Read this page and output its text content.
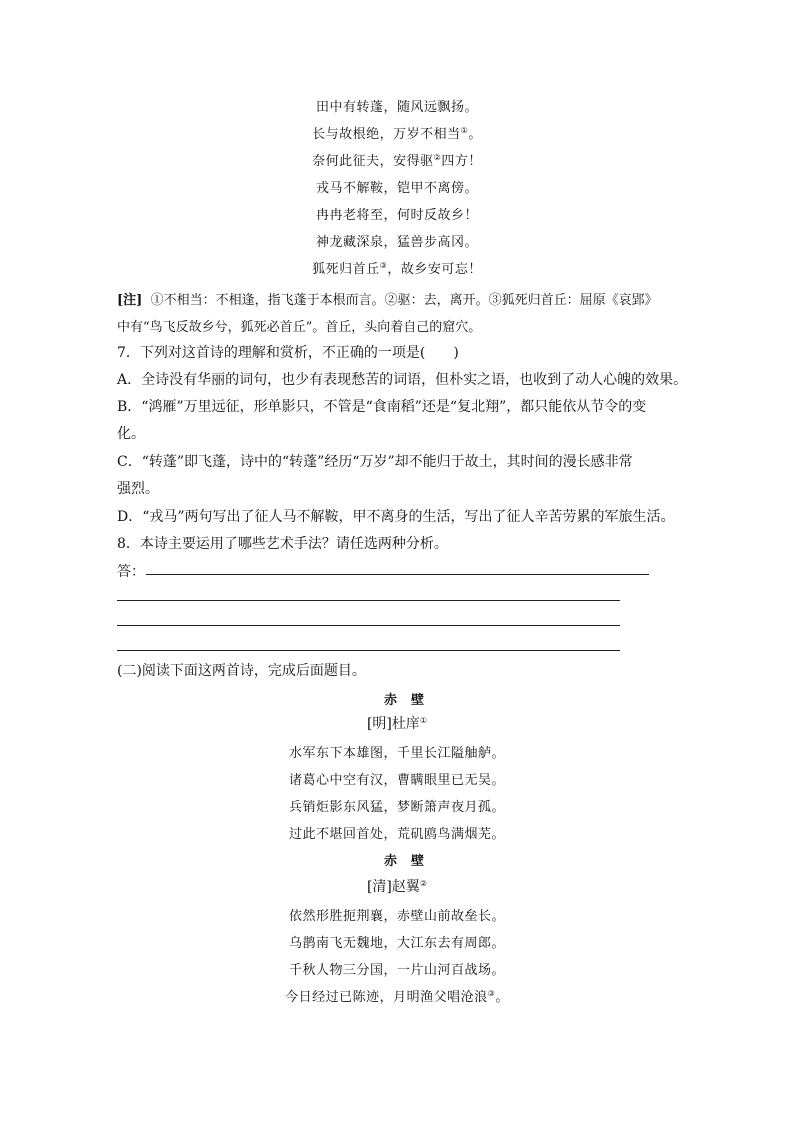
田中有转蓬，随风远飘扬。
长与故根绝，万岁不相当①。
奈何此征夫，安得驱②四方！
戎马不解鞍，铠甲不离傍。
冉冉老将至，何时反故乡！
神龙藏深泉，猛兽步高冈。
狐死归首丘③，故乡安可忘！
[注] ①不相当：不相逢，指飞蓬于本根而言。②驱：去，离开。③狐死归首丘：屈原《哀郢》
中有“鸟飞反故乡兮，狐死必首丘”。首丘，头向着自己的窟穴。
7．下列对这首诗的理解和赏析，不正确的一项是( )
A．全诗没有华丽的词句，也少有表现愁苦的词语，但朴实之语，也收到了动人心魄的效果。
B．“鸿雁”万里远征，形单影只，不管是“食南稻”还是“复北翔”，都只能依从节令的变
化。
C．“转蓬”即飞蓬，诗中的“转蓬”经历“万岁”却不能归于故土，其时间的漫长感非常
强烈。
D．“戎马”两句写出了征人马不解鞍，甲不离身的生活，写出了征人辛苦劳累的军旅生活。
8．本诗主要运用了哪些艺术手法？请任选两种分析。
答：
(二)阅读下面这两首诗，完成后面题目。
赤壁
[明]杜庠①
水军东下本雄图，千里长江隘舳舻。
诸葛心中空有汉，曹瞒眼里已无吴。
兵销炬影东风猛，梦断箫声夜月孤。
过此不堪回首处，荒矶鸥鸟满烟芜。
赤壁
[清]赵翼②
依然形胜扼荆襄，赤壁山前故垒长。
乌鹊南飞无魏地，大江东去有周郎。
千秋人物三分国，一片山河百战场。
今日经过已陈迹，月明渔父唱沧浪③。
